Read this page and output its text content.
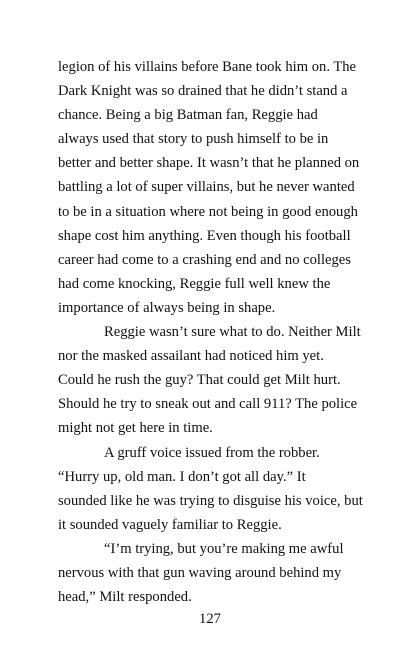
legion of his villains before Bane took him on. The
Dark Knight was so drained that he didn’t stand a
chance. Being a big Batman fan, Reggie had
always used that story to push himself to be in
better and better shape. It wasn’t that he planned on
battling a lot of super villains, but he never wanted
to be in a situation where not being in good enough
shape cost him anything. Even though his football
career had come to a crashing end and no colleges
had come knocking, Reggie full well knew the
importance of always being in shape.
Reggie wasn’t sure what to do. Neither Milt
nor the masked assailant had noticed him yet.
Could he rush the guy? That could get Milt hurt.
Should he try to sneak out and call 911? The police
might not get here in time.
A gruff voice issued from the robber.
“Hurry up, old man. I don’t got all day.” It
sounded like he was trying to disguise his voice, but
it sounded vaguely familiar to Reggie.
“I’m trying, but you’re making me awful
nervous with that gun waving around behind my
head,” Milt responded.
127
